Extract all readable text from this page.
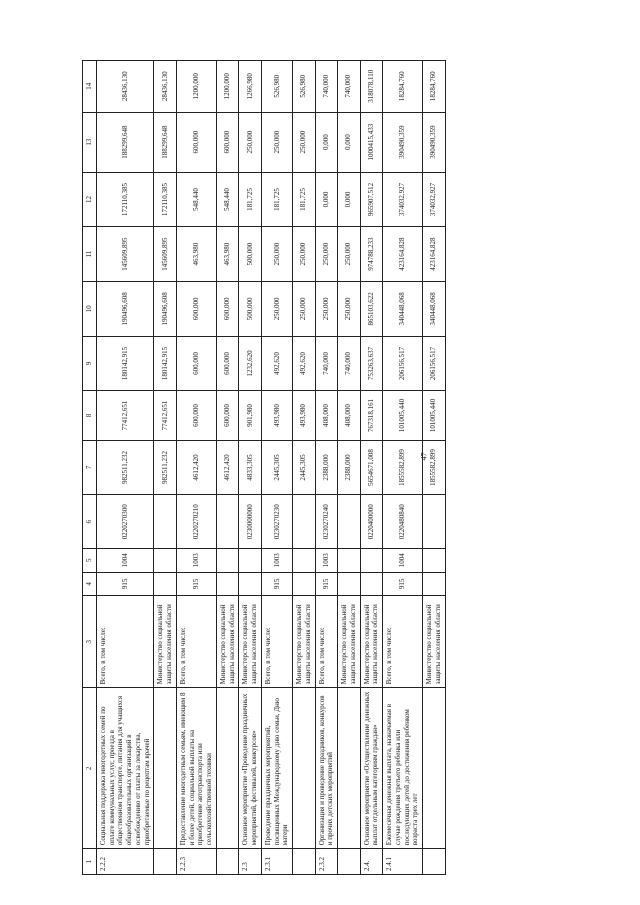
47
1	2	3	4	5	6	7	8	9	10	11	12	13	14
2.2.2	Социальная поддержка многодетных семей по оплате коммунальных услуг, проезда в общественном транспорте, питания для учащихся общеобразовательных организаций в освобождению от платы за лекарства, приобретаемые по рецептам врачей	Всего, в том числе:	915	1004	0220270300	982511,232	77412,651	180142,915	190496,608	145609,895	172110,385	188299,648	28436,130
		Министерство социальной защиты населения области				982511,232	77412,651	180142,915	190496,608	145609,895	172110,385	188299,648	28436,130
2.2.3	Предоставление многодетным семьям, имеющим 8 и более детей, социальной выплаты на приобретение автотранспорта или сельскохозяйственной техники	Всего, в том числе:	915	1003	0220270210	4612,420	600,000	600,000	600,000	463,980	548,440	600,000	1200,000
		Министерство социальной защиты населения области				4612,420	600,000	600,000	600,000	463,980	548,440	600,000	1200,000
2.3	Основное мероприятие «Проведение праздничных мероприятий, фестивалей, конкурсов»	Министерство социальной защиты населения области			0230000000	4833,305	901,980	1232,620	500,000	500,000	181,725	250,000	1266,980
2.3.1	Проведение праздничных мероприятий, посвященных Международному дню семьи, Дню матери	Всего, в том числе:	915	1003	0230270230	2445,305	493,980	492,620	250,000	250,000	181,725	250,000	526,980
		Министерство социальной защиты населения области				2445,305	493,980	492,620	250,000	250,000	181,725	250,000	526,980
2.3.2	Организация и проведение праздников, конкурсов и прочих детских мероприятий	Всего, в том числе:	915	1003	0230270240	2388,000	408,000	740,000	250,000	250,000	0,000	0,000	740,000
		Министерство социальной защиты населения области				2388,000	408,000	740,000	250,000	250,000	0,000	0,000	740,000
2.4.	Основное мероприятие «Осуществление денежных выплат отдельным категориям граждан»	Министерство социальной защиты населения области			0220400000	5654671,008	767318,161	753263,637	865103,622	974788,233	965907,512	1000415,433	318078,110
2.4.1	Ежемесячная денежная выплата, назначаемая в случае рождения третьего ребенка или последующих детей до достижения ребенком возраста трех лет	Всего, в том числе:	915	1004	0220480840	1855582,899	101005,440	206156,517	340448,068	423164,828	374032,927	390490,359	18284,760
		Министерство социальной защиты населения области				1855582,899	101005,440	206156,517	340448,068	423164,828	374032,927	390490,359	18284,760
